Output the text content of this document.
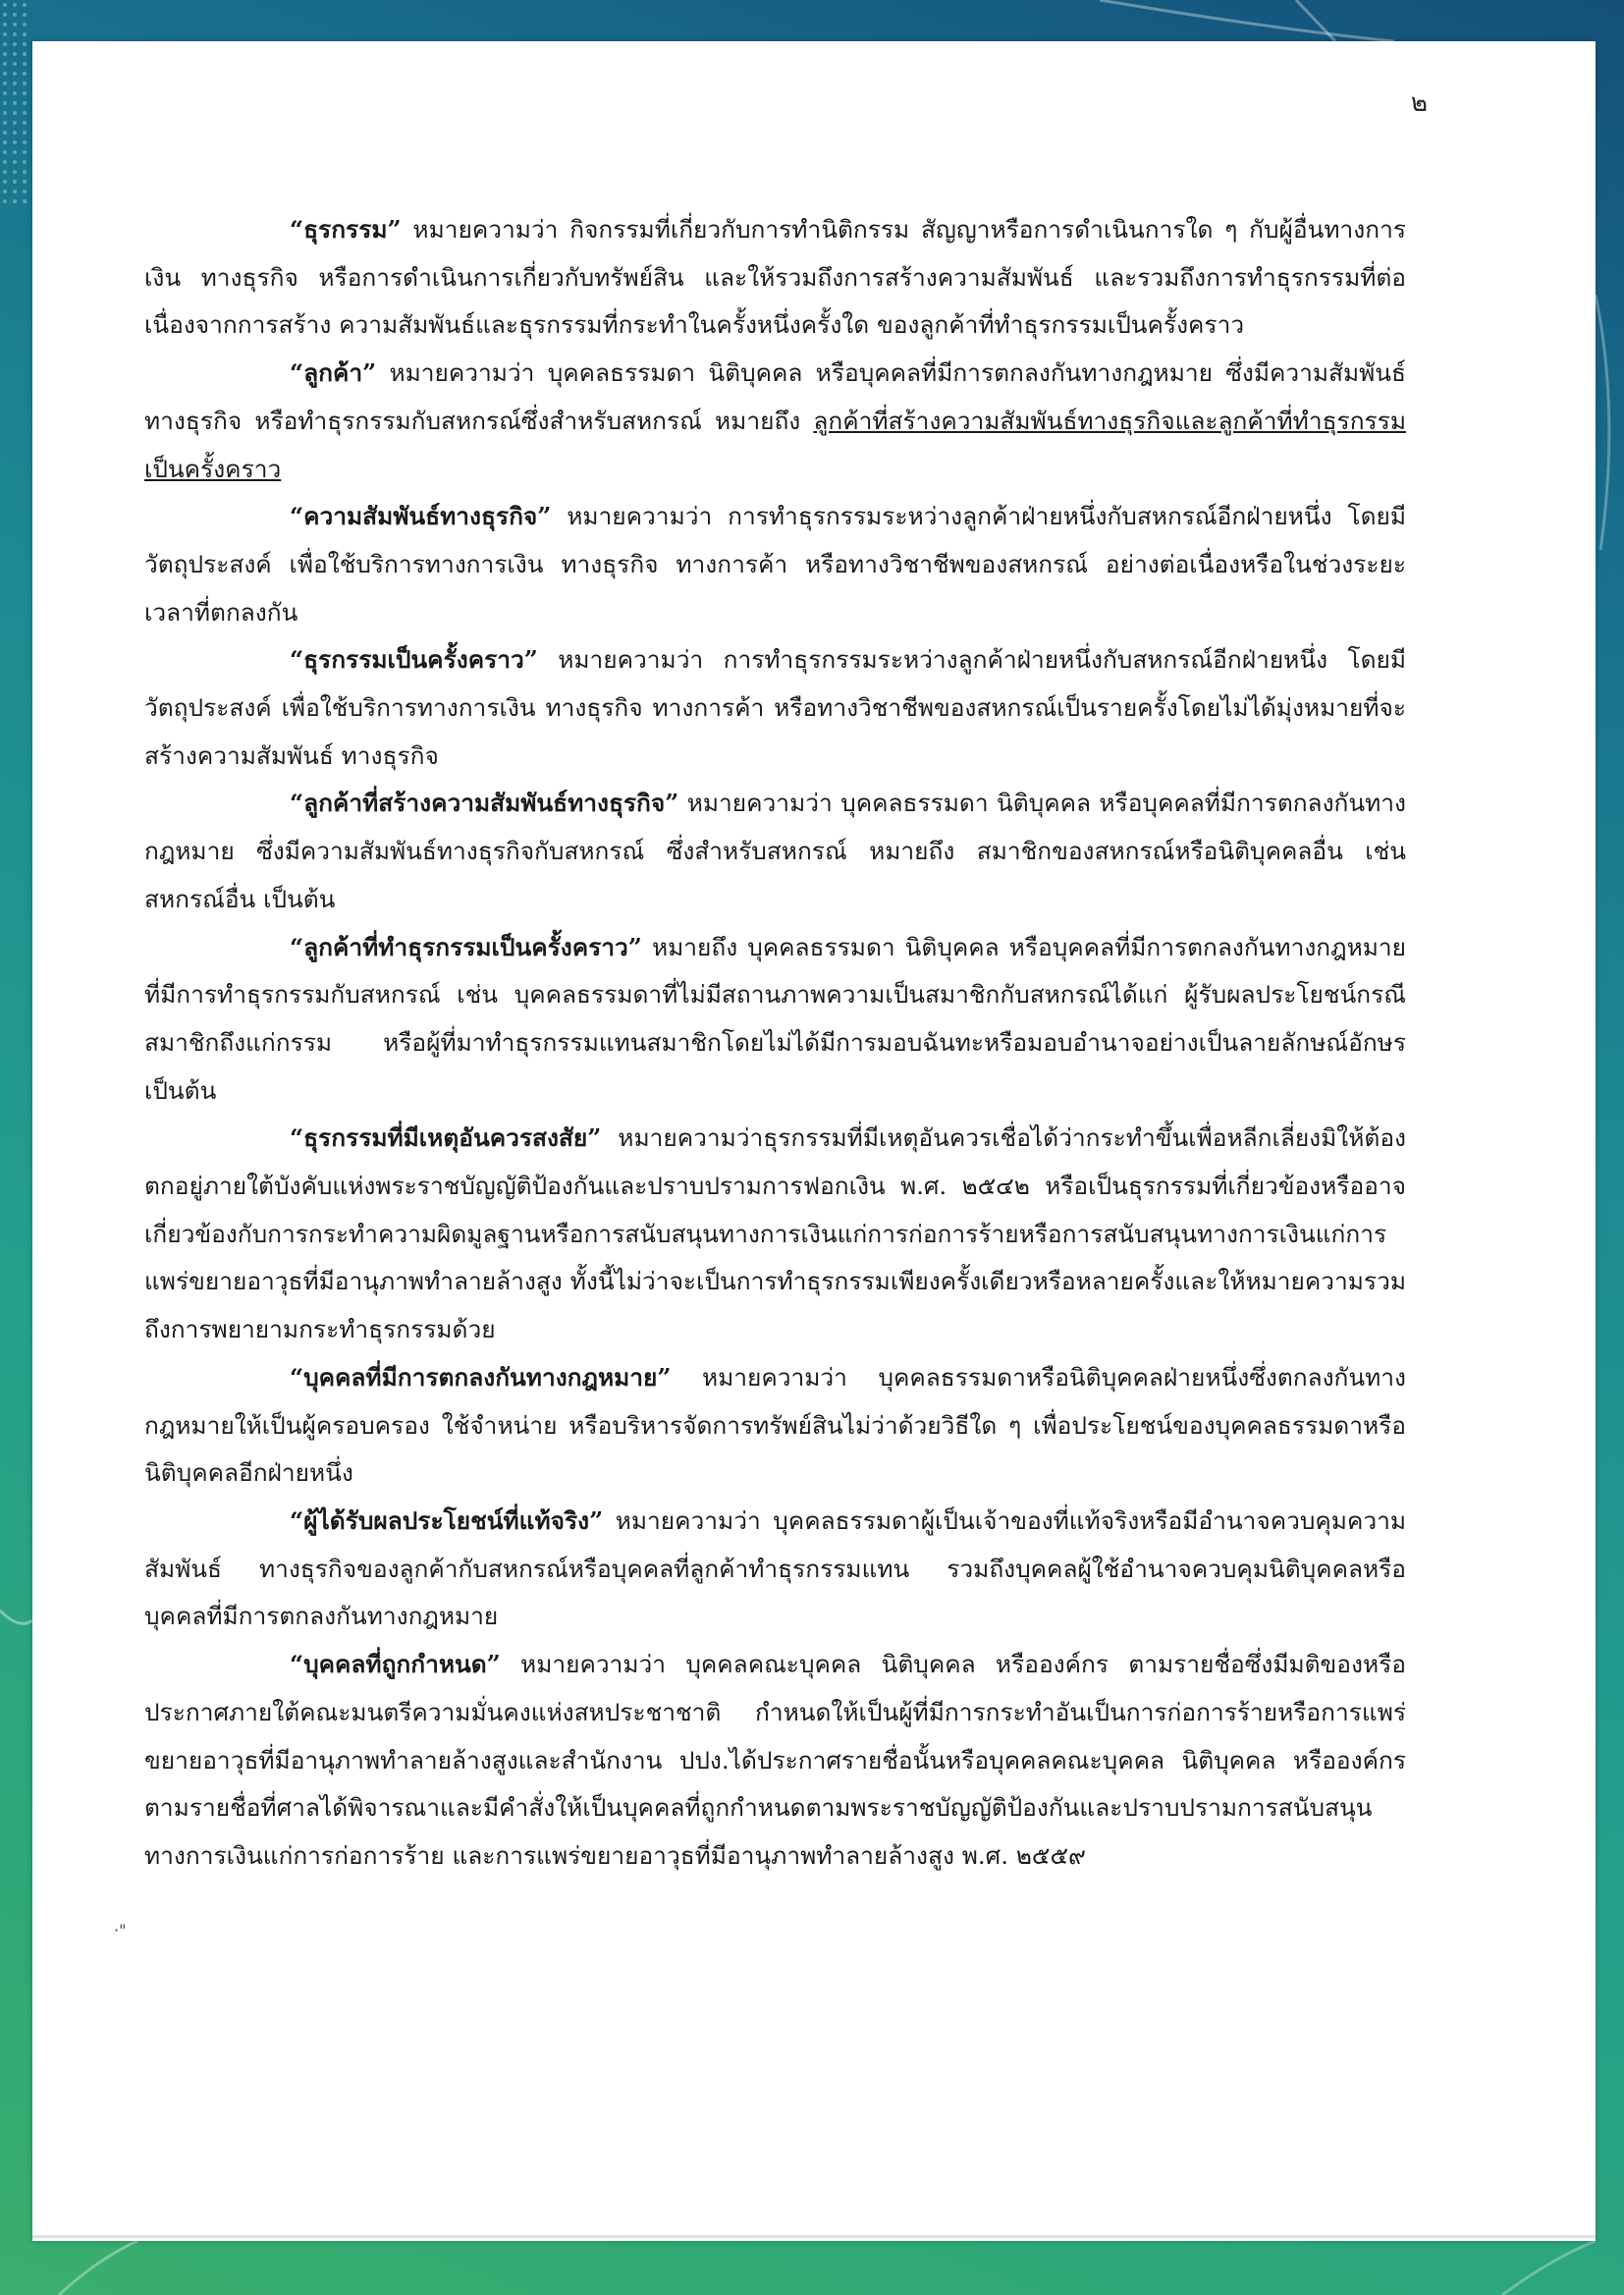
๒

“ธุรกรรม” หมายความว่า กิจกรรมที่เกี่ยวกับการทำนิติกรรม สัญญาหรือการดำเนินการใด ๆ กับผู้อื่นทางการเงิน ทางธุรกิจ หรือการดำเนินการเกี่ยวกับทรัพย์สิน และให้รวมถึงการสร้างความสัมพันธ์ และรวมถึงการทำธุรกรรมที่ต่อเนื่องจากการสร้าง ความสัมพันธ์และธุรกรรมที่กระทำในครั้งหนึ่งครั้งใด ของลูกค้าที่ทำธุรกรรมเป็นครั้งคราว

“ลูกค้า” หมายความว่า บุคคลธรรมดา นิติบุคคล หรือบุคคลที่มีการตกลงกันทางกฎหมาย ซึ่งมีความสัมพันธ์ทางธุรกิจ หรือทำธุรกรรมกับสหกรณ์ซึ่งสำหรับสหกรณ์ หมายถึง ลูกค้าที่สร้างความสัมพันธ์ทางธุรกิจและลูกค้าที่ทำธุรกรรมเป็นครั้งคราว

“ความสัมพันธ์ทางธุรกิจ” หมายความว่า การทำธุรกรรมระหว่างลูกค้าฝ่ายหนึ่งกับสหกรณ์อีกฝ่ายหนึ่ง โดยมีวัตถุประสงค์ เพื่อใช้บริการทางการเงิน ทางธุรกิจ ทางการค้า หรือทางวิชาชีพของสหกรณ์ อย่างต่อเนื่องหรือในช่วงระยะเวลาที่ตกลงกัน

“ธุรกรรมเป็นครั้งคราว” หมายความว่า การทำธุรกรรมระหว่างลูกค้าฝ่ายหนึ่งกับสหกรณ์อีกฝ่ายหนึ่ง โดยมีวัตถุประสงค์ เพื่อใช้บริการทางการเงิน ทางธุรกิจ ทางการค้า หรือทางวิชาชีพของสหกรณ์เป็นรายครั้งโดยไม่ได้มุ่งหมายที่จะสร้างความสัมพันธ์ ทางธุรกิจ

“ลูกค้าที่สร้างความสัมพันธ์ทางธุรกิจ” หมายความว่า บุคคลธรรมดา นิติบุคคล หรือบุคคลที่มีการตกลงกันทางกฎหมาย ซึ่งมีความสัมพันธ์ทางธุรกิจกับสหกรณ์ ซึ่งสำหรับสหกรณ์ หมายถึง สมาชิกของสหกรณ์หรือนิติบุคคลอื่น เช่น สหกรณ์อื่น เป็นต้น

“ลูกค้าที่ทำธุรกรรมเป็นครั้งคราว” หมายถึง บุคคลธรรมดา นิติบุคคล หรือบุคคลที่มีการตกลงกันทางกฎหมายที่มีการทำธุรกรรมกับสหกรณ์ เช่น บุคคลธรรมดาที่ไม่มีสถานภาพความเป็นสมาชิกกับสหกรณ์ได้แก่ ผู้รับผลประโยชน์กรณีสมาชิกถึงแก่กรรม หรือผู้ที่มาทำธุรกรรมแทนสมาชิกโดยไม่ได้มีการมอบฉันทะหรือมอบอำนาจอย่างเป็นลายลักษณ์อักษร เป็นต้น

“ธุรกรรมที่มีเหตุอันควรสงสัย” หมายความว่าธุรกรรมที่มีเหตุอันควรเชื่อได้ว่ากระทำขึ้นเพื่อหลีกเลี่ยงมิให้ต้องตกอยู่ภายใต้บังคับแห่งพระราชบัญญัติป้องกันและปราบปรามการฟอกเงิน พ.ศ. ๒๕๔๒ หรือเป็นธุรกรรมที่เกี่ยวข้องหรืออาจเกี่ยวข้องกับการกระทำความผิดมูลฐานหรือการสนับสนุนทางการเงินแก่การก่อการร้ายหรือการสนับสนุนทางการเงินแก่การแพร่ขยายอาวุธที่มีอานุภาพทำลายล้างสูง ทั้งนี้ไม่ว่าจะเป็นการทำธุรกรรมเพียงครั้งเดียวหรือหลายครั้งและให้หมายความรวมถึงการพยายามกระทำธุรกรรมด้วย

“บุคคลที่มีการตกลงกันทางกฎหมาย” หมายความว่า บุคคลธรรมดาหรือนิติบุคคลฝ่ายหนึ่งซึ่งตกลงกันทางกฎหมายให้เป็นผู้ครอบครอง ใช้จำหน่าย หรือบริหารจัดการทรัพย์สินไม่ว่าด้วยวิธีใด ๆ เพื่อประโยชน์ของบุคคลธรรมดาหรือนิติบุคคลอีกฝ่ายหนึ่ง

“ผู้ได้รับผลประโยชน์ที่แท้จริง” หมายความว่า บุคคลธรรมดาผู้เป็นเจ้าของที่แท้จริงหรือมีอำนาจควบคุมความสัมพันธ์ ทางธุรกิจของลูกค้ากับสหกรณ์หรือบุคคลที่ลูกค้าทำธุรกรรมแทน รวมถึงบุคคลผู้ใช้อำนาจควบคุมนิติบุคคลหรือบุคคลที่มีการตกลงกันทางกฎหมาย

“บุคคลที่ถูกกำหนด” หมายความว่า บุคคลคณะบุคคล นิติบุคคล หรือองค์กร ตามรายชื่อซึ่งมีมติของหรือประกาศภายใต้คณะมนตรีความมั่นคงแห่งสหประชาชาติ กำหนดให้เป็นผู้ที่มีการกระทำอันเป็นการก่อการร้ายหรือการแพร่ขยายอาวุธที่มีอานุภาพทำลายล้างสูงและสำนักงาน ปปง.ได้ประกาศรายชื่อนั้นหรือบุคคลคณะบุคคล นิติบุคคล หรือองค์กรตามรายชื่อที่ศาลได้พิจารณาและมีคำสั่งให้เป็นบุคคลที่ถูกกำหนดตามพระราชบัญญัติป้องกันและปราบปรามการสนับสนุนทางการเงินแก่การก่อการร้าย และการแพร่ขยายอาวุธที่มีอานุภาพทำลายล้างสูง พ.ศ. ๒๕๕๙

·"
